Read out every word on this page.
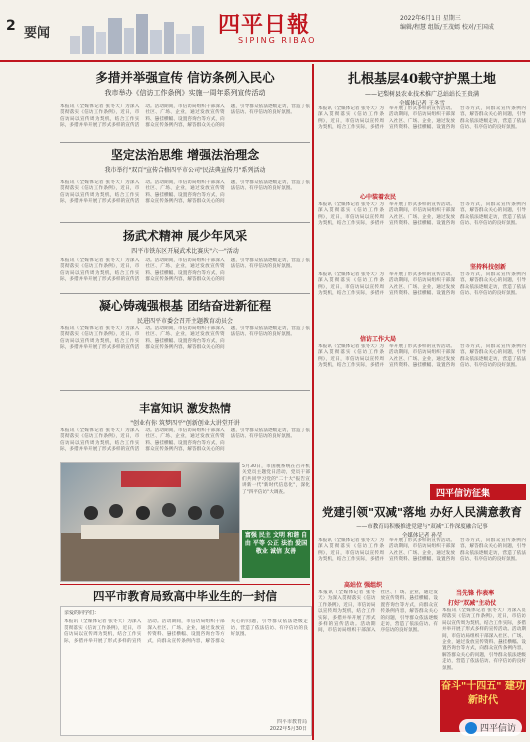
2 要闻	四平日報
SIPING RIBAO
2022年6月1日 星期三
编辑/程慧 组版/王茂嫣 校对/王国成
多措并举强宣传 信访条例入民心
我市举办《信访工作条例》实施一周年系列宣传活动
本报讯（全媒体记者 张冬天）为深入贯彻落实《信访工作条例》，近日，市信访局以宣传周为契机，结合工作实际，多措并举开展了形式多样的宣传活动。活动期间，市信访局组织干部深入社区、广场、企业，通过发放宣传资料、悬挂横幅、设置咨询台等方式，向群众宣传条例内容，解答群众关心的问题，引导群众依法逐级走访，营造了依法信访、有序信访的良好氛围。
坚定法治思维 增强法治理念
我市举行"双百"宣传合格四平市公司"民法典宣传月"系列活动
本报讯（全媒体记者 张冬天）为深入贯彻落实《信访工作条例》，近日，市信访局以宣传周为契机，结合工作实际，多措并举开展了形式多样的宣传活动。活动期间，市信访局组织干部深入社区、广场、企业，通过发放宣传资料、悬挂横幅、设置咨询台等方式，向群众宣传条例内容，解答群众关心的问题，引导群众依法逐级走访，营造了依法信访、有序信访的良好氛围。
扬武术精神 展少年风采
四平市铁东区开展武术比赛庆"六一"活动
本报讯（全媒体记者 张冬天）为深入贯彻落实《信访工作条例》，近日，市信访局以宣传周为契机，结合工作实际，多措并举开展了形式多样的宣传活动。活动期间，市信访局组织干部深入社区、广场、企业，通过发放宣传资料、悬挂横幅、设置咨询台等方式，向群众宣传条例内容，解答群众关心的问题，引导群众依法逐级走访，营造了依法信访、有序信访的良好氛围。
凝心铸魂强根基 团结奋进新征程
民进四平市委会召开主题教育动员会
本报讯（全媒体记者 张冬天）为深入贯彻落实《信访工作条例》，近日，市信访局以宣传周为契机，结合工作实际，多措并举开展了形式多样的宣传活动。活动期间，市信访局组织干部深入社区、广场、企业，通过发放宣传资料、悬挂横幅、设置咨询台等方式，向群众宣传条例内容，解答群众关心的问题，引导群众依法逐级走访，营造了依法信访、有序信访的良好氛围。
丰富知识 激发热情
"创业有你 筑梦四平"创新创业大讲堂开讲
本报讯（全媒体记者 张冬天）为深入贯彻落实《信访工作条例》，近日，市信访局以宣传周为契机，结合工作实际，多措并举开展了形式多样的宣传活动。活动期间，市信访局组织干部深入社区、广场、企业，通过发放宣传资料、悬挂横幅、设置咨询台等方式，向群众宣传条例内容，解答群众关心的问题，引导群众依法逐级走访，营造了依法信访、有序信访的良好氛围。
5月30日，市国税系统在召开机关党员主题党日活动，党员干部们共同学习党的"二十大"报告宣讲新一代"新时代信息化"，深化了"四平信访"大调查。
富强 民主 文明 和谐 自由 平等 公正 法治 爱国 敬业 诚信 友善
四平市教育局致高中毕业生的一封信
亲爱的同学们：
本报讯（全媒体记者 张冬天）为深入贯彻落实《信访工作条例》，近日，市信访局以宣传周为契机，结合工作实际，多措并举开展了形式多样的宣传活动。活动期间，市信访局组织干部深入社区、广场、企业，通过发放宣传资料、悬挂横幅、设置咨询台等方式，向群众宣传条例内容，解答群众关心的问题，引导群众依法逐级走访，营造了依法信访、有序信访的良好氛围。
四平市教育局
2022年5月30日
扎根基层40载守护黑土地
——记梨树县农业技术推广总站站长王贵满
全媒体记者 王冬雪
本报讯（全媒体记者 张冬天）为深入贯彻落实《信访工作条例》，近日，市信访局以宣传周为契机，结合工作实际，多措并举开展了形式多样的宣传活动。活动期间，市信访局组织干部深入社区、广场、企业，通过发放宣传资料、悬挂横幅、设置咨询台等方式，向群众宣传条例内容，解答群众关心的问题，引导群众依法逐级走访，营造了依法信访、有序信访的良好氛围。
心中装着农民
本报讯（全媒体记者 张冬天）为深入贯彻落实《信访工作条例》，近日，市信访局以宣传周为契机，结合工作实际，多措并举开展了形式多样的宣传活动。活动期间，市信访局组织干部深入社区、广场、企业，通过发放宣传资料、悬挂横幅、设置咨询台等方式，向群众宣传条例内容，解答群众关心的问题，引导群众依法逐级走访，营造了依法信访、有序信访的良好氛围。
坚持科技创新
本报讯（全媒体记者 张冬天）为深入贯彻落实《信访工作条例》，近日，市信访局以宣传周为契机，结合工作实际，多措并举开展了形式多样的宣传活动。活动期间，市信访局组织干部深入社区、广场、企业，通过发放宣传资料、悬挂横幅、设置咨询台等方式，向群众宣传条例内容，解答群众关心的问题，引导群众依法逐级走访，营造了依法信访、有序信访的良好氛围。
信访工作大局
本报讯（全媒体记者 张冬天）为深入贯彻落实《信访工作条例》，近日，市信访局以宣传周为契机，结合工作实际，多措并举开展了形式多样的宣传活动。活动期间，市信访局组织干部深入社区、广场、企业，通过发放宣传资料、悬挂横幅、设置咨询台等方式，向群众宣传条例内容，解答群众关心的问题，引导群众依法逐级走访，营造了依法信访、有序信访的良好氛围。
四平信访征集
党建引领"双减"落地 办好人民满意教育
——市教育局积极推进党建与"双减"工作深度融合记事
全媒体记者 孙莹
本报讯（全媒体记者 张冬天）为深入贯彻落实《信访工作条例》，近日，市信访局以宣传周为契机，结合工作实际，多措并举开展了形式多样的宣传活动。活动期间，市信访局组织干部深入社区、广场、企业，通过发放宣传资料、悬挂横幅、设置咨询台等方式，向群众宣传条例内容，解答群众关心的问题，引导群众依法逐级走访，营造了依法信访、有序信访的良好氛围。
高站位 强组织
当先锋 作表率
本报讯（全媒体记者 张冬天）为深入贯彻落实《信访工作条例》，近日，市信访局以宣传周为契机，结合工作实际，多措并举开展了形式多样的宣传活动。活动期间，市信访局组织干部深入社区、广场、企业，通过发放宣传资料、悬挂横幅、设置咨询台等方式，向群众宣传条例内容，解答群众关心的问题，引导群众依法逐级走访，营造了依法信访、有序信访的良好氛围。
打好"双减"主动仗
本报讯（全媒体记者 张冬天）为深入贯彻落实《信访工作条例》，近日，市信访局以宣传周为契机，结合工作实际，多措并举开展了形式多样的宣传活动。活动期间，市信访局组织干部深入社区、广场、企业，通过发放宣传资料、悬挂横幅、设置咨询台等方式，向群众宣传条例内容，解答群众关心的问题，引导群众依法逐级走访，营造了依法信访、有序信访的良好氛围。
奋斗"十四五" 建功新时代
四平信访
